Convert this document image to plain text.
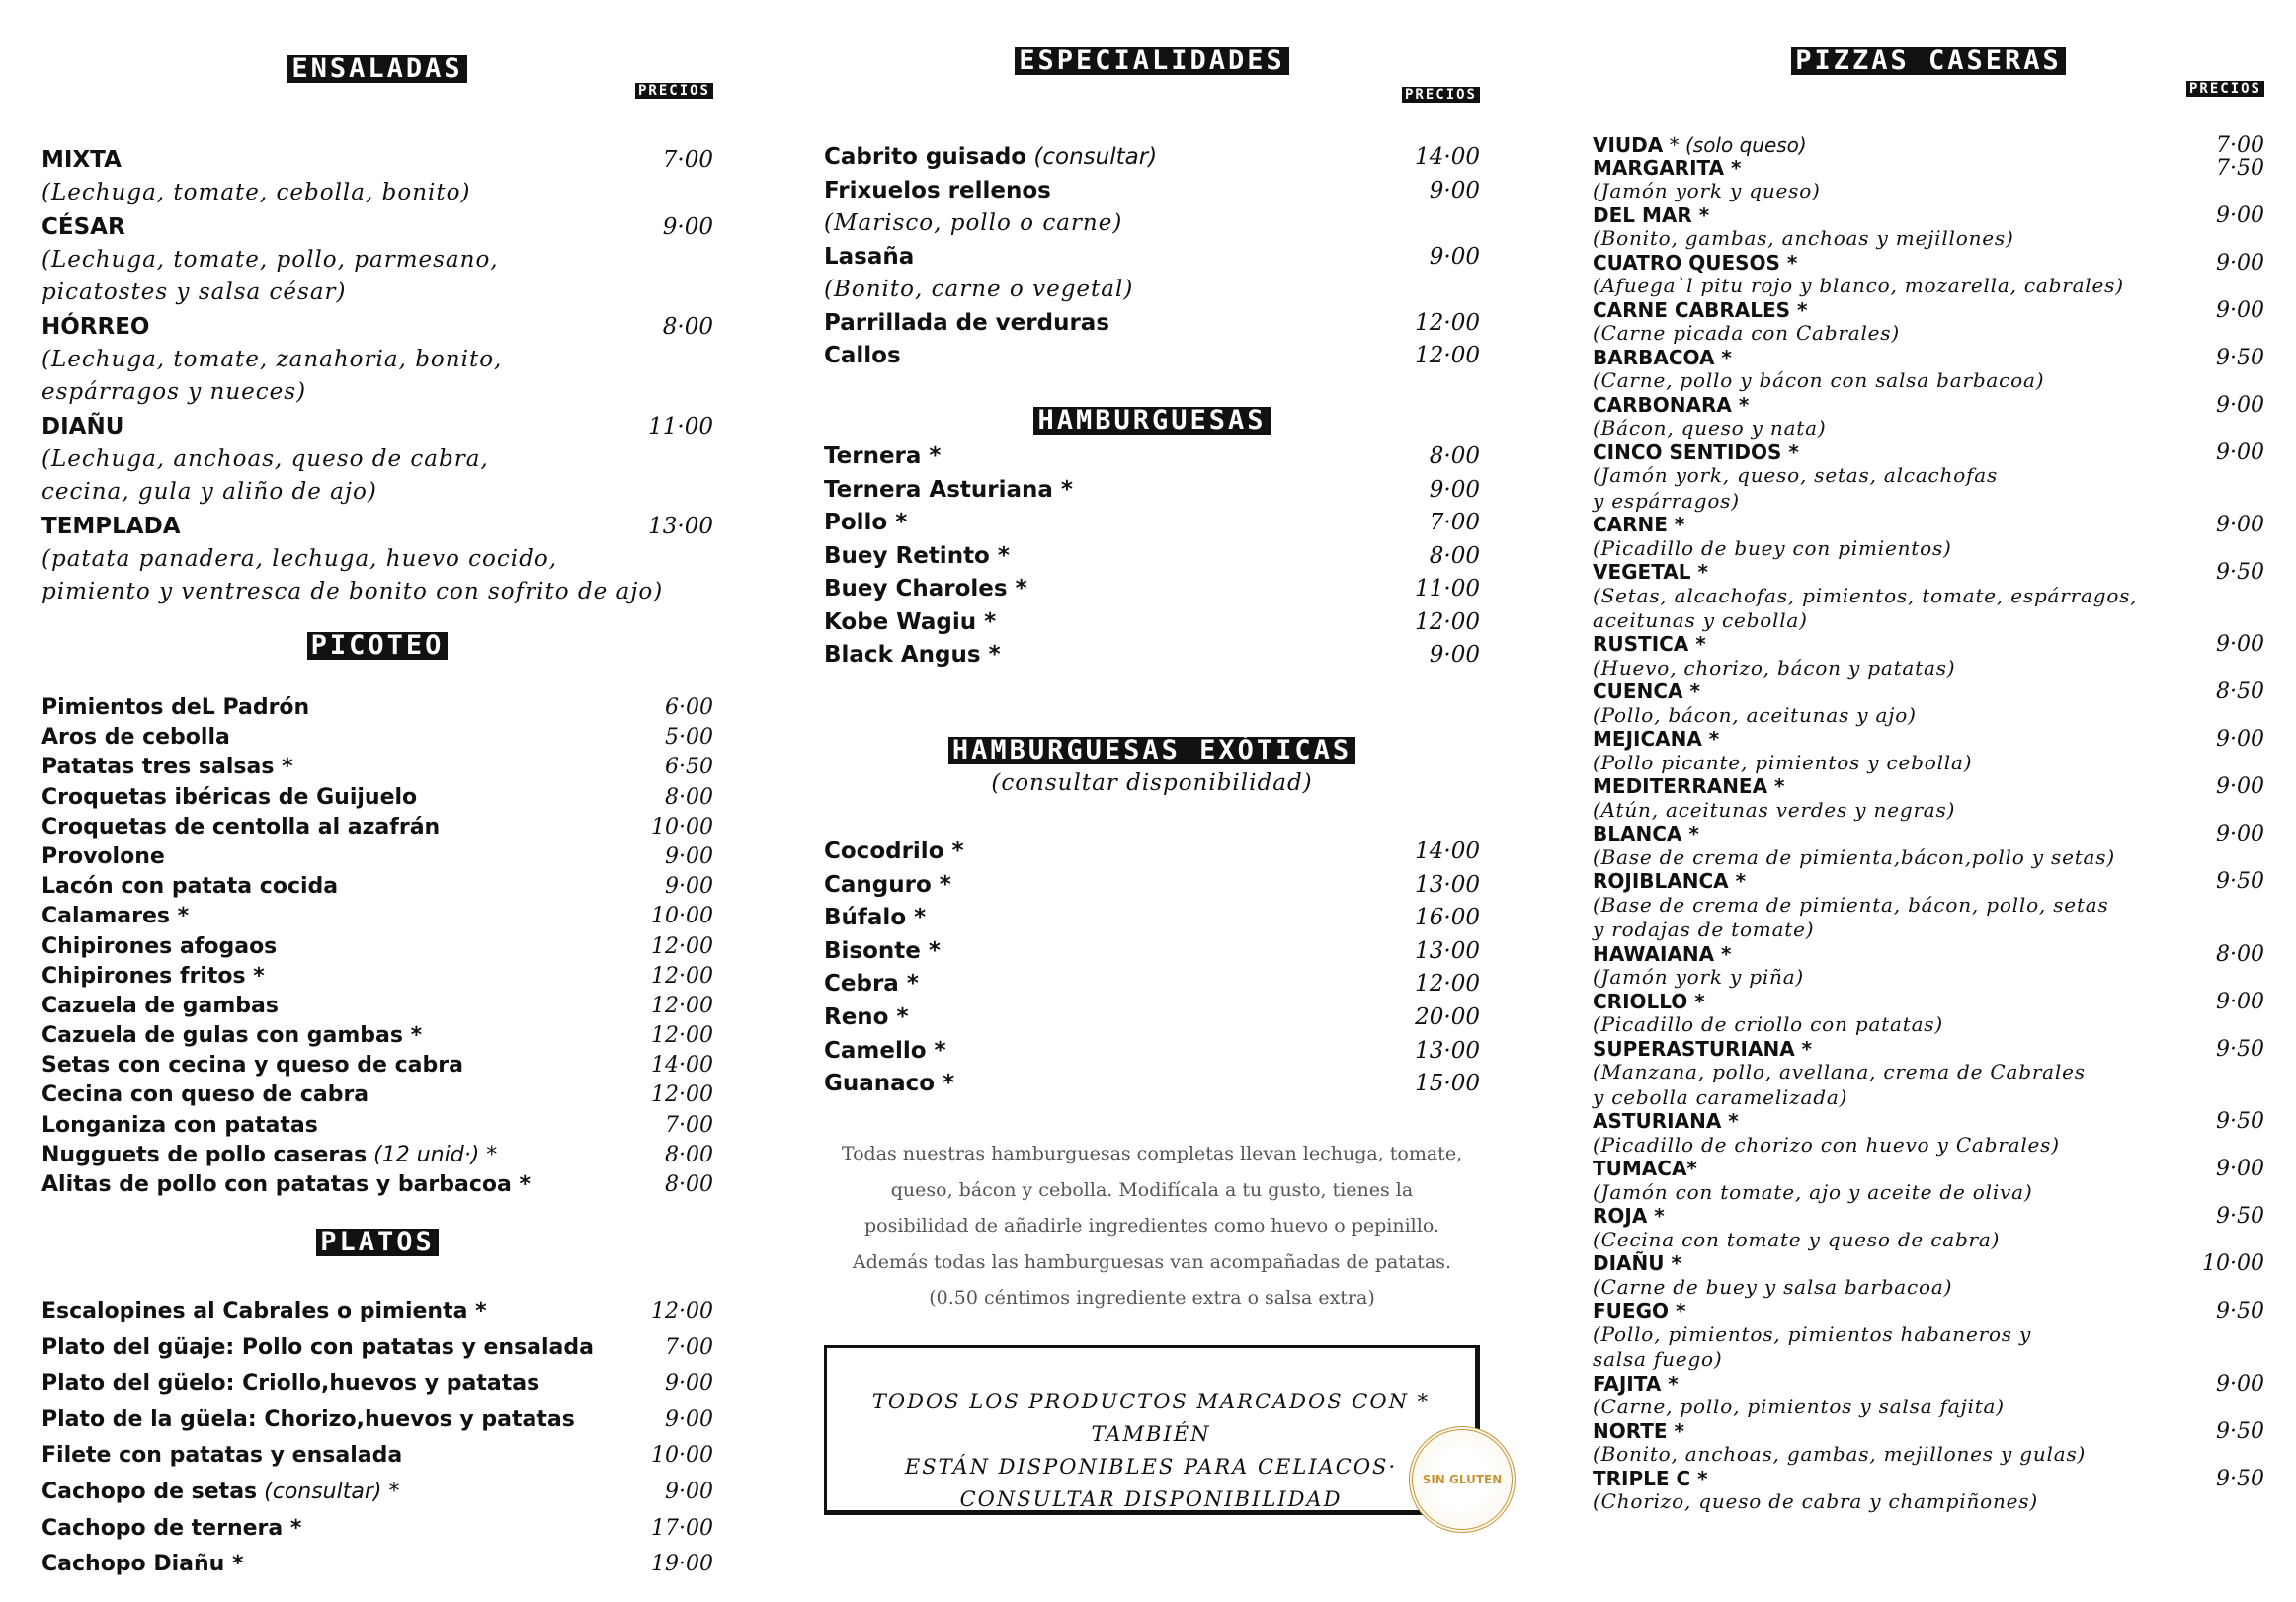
ENSALADAS
PRECIOS
MIXTA	7·00
(Lechuga, tomate, cebolla, bonito)
CÉSAR	9·00
(Lechuga, tomate, pollo, parmesano,
picatostes y salsa césar)
HÓRREO	8·00
(Lechuga, tomate, zanahoria, bonito,
espárragos y nueces)
DIAÑU	11·00
(Lechuga, anchoas, queso de cabra,
cecina, gula y aliño de ajo)
TEMPLADA	13·00
(patata panadera, lechuga, huevo cocido,
pimiento y ventresca de bonito con sofrito de ajo)
PICOTEO
Pimientos deL Padrón	6·00
Aros de cebolla	5·00
Patatas tres salsas *	6·50
Croquetas ibéricas de Guijuelo	8·00
Croquetas de centolla al azafrán	10·00
Provolone	9·00
Lacón con patata cocida	9·00
Calamares *	10·00
Chipirones afogaos	12·00
Chipirones fritos *	12·00
Cazuela de gambas	12·00
Cazuela de gulas con gambas *	12·00
Setas con cecina y queso de cabra	14·00
Cecina con queso de cabra	12·00
Longaniza con patatas	7·00
Nugguets de pollo caseras (12 unid·) *	8·00
Alitas de pollo con patatas y barbacoa *	8·00
PLATOS
Escalopines al Cabrales o pimienta *	12·00
Plato del güaje: Pollo con patatas y ensalada	7·00
Plato del güelo: Criollo,huevos y patatas	9·00
Plato de la güela: Chorizo,huevos y patatas	9·00
Filete con patatas y ensalada	10·00
Cachopo de setas (consultar) *	9·00
Cachopo de ternera *	17·00
Cachopo Diañu *	19·00
ESPECIALIDADES
PRECIOS
Cabrito guisado (consultar)	14·00
Frixuelos rellenos	9·00
(Marisco, pollo o carne)
Lasaña	9·00
(Bonito, carne o vegetal)
Parrillada de verduras	12·00
Callos	12·00
HAMBURGUESAS
Ternera *	8·00
Ternera Asturiana *	9·00
Pollo *	7·00
Buey Retinto *	8·00
Buey Charoles *	11·00
Kobe Wagiu *	12·00
Black Angus *	9·00
HAMBURGUESAS EXÓTICAS
(consultar disponibilidad)
Cocodrilo *	14·00
Canguro *	13·00
Búfalo *	16·00
Bisonte *	13·00
Cebra *	12·00
Reno *	20·00
Camello *	13·00
Guanaco *	15·00
Todas nuestras hamburguesas completas llevan lechuga, tomate,
queso, bácon y cebolla. Modifícala a tu gusto, tienes la
posibilidad de añadirle ingredientes como huevo o pepinillo.
Además todas las hamburguesas van acompañadas de patatas.
(0.50 céntimos ingrediente extra o salsa extra)
TODOS LOS PRODUCTOS MARCADOS CON * TAMBIÉN
ESTÁN DISPONIBLES PARA CELIACOS·
CONSULTAR DISPONIBILIDAD
SIN GLUTEN
PIZZAS CASERAS
PRECIOS
VIUDA * (solo queso)	7·00
MARGARITA *	7·50
(Jamón york y queso)
DEL MAR *	9·00
(Bonito, gambas, anchoas y mejillones)
CUATRO QUESOS *	9·00
(Afuega`l pitu rojo y blanco, mozarella, cabrales)
CARNE CABRALES *	9·00
(Carne picada con Cabrales)
BARBACOA *	9·50
(Carne, pollo y bácon con salsa barbacoa)
CARBONARA *	9·00
(Bácon, queso y nata)
CINCO SENTIDOS *	9·00
(Jamón york, queso, setas, alcachofas
y espárragos)
CARNE *	9·00
(Picadillo de buey con pimientos)
VEGETAL *	9·50
(Setas, alcachofas, pimientos, tomate, espárragos,
aceitunas y cebolla)
RUSTICA *	9·00
(Huevo, chorizo, bácon y patatas)
CUENCA *	8·50
(Pollo, bácon, aceitunas y ajo)
MEJICANA *	9·00
(Pollo picante, pimientos y cebolla)
MEDITERRANEA *	9·00
(Atún, aceitunas verdes y negras)
BLANCA *	9·00
(Base de crema de pimienta,bácon,pollo y setas)
ROJIBLANCA *	9·50
(Base de crema de pimienta, bácon, pollo, setas
y rodajas de tomate)
HAWAIANA *	8·00
(Jamón york y piña)
CRIOLLO *	9·00
(Picadillo de criollo con patatas)
SUPERASTURIANA *	9·50
(Manzana, pollo, avellana, crema de Cabrales
y cebolla caramelizada)
ASTURIANA *	9·50
(Picadillo de chorizo con huevo y Cabrales)
TUMACA*	9·00
(Jamón con tomate, ajo y aceite de oliva)
ROJA *	9·50
(Cecina con tomate y queso de cabra)
DIAÑU *	10·00
(Carne de buey y salsa barbacoa)
FUEGO *	9·50
(Pollo, pimientos, pimientos habaneros y
salsa fuego)
FAJITA *	9·00
(Carne, pollo, pimientos y salsa fajita)
NORTE *	9·50
(Bonito, anchoas, gambas, mejillones y gulas)
TRIPLE C *	9·50
(Chorizo, queso de cabra y champiñones)
